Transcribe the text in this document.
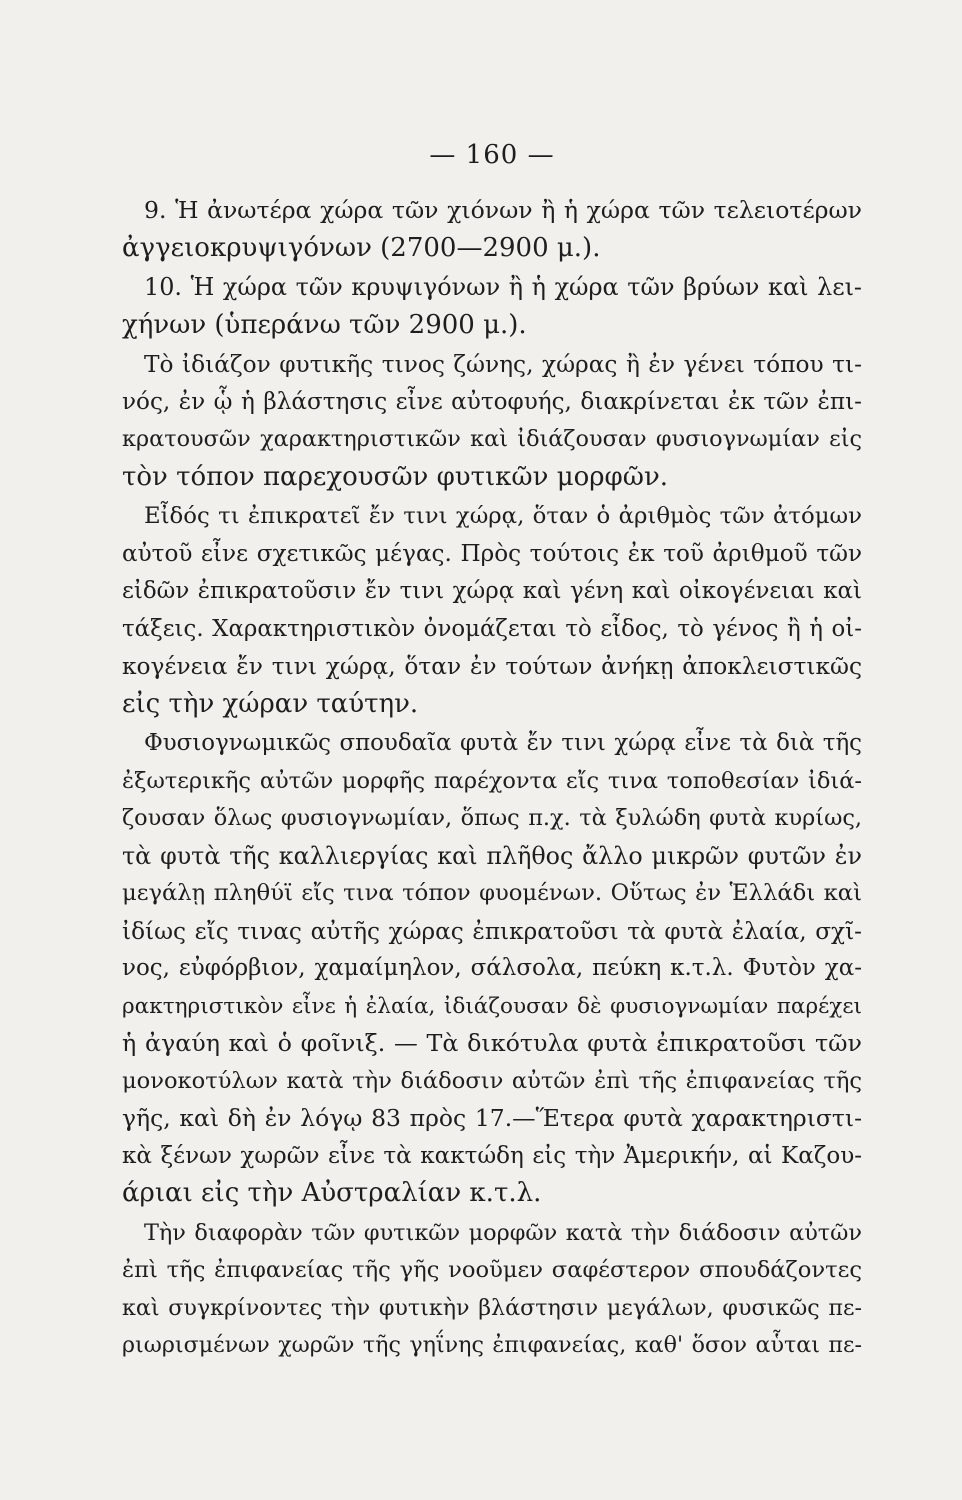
— 160 —
9. Ἡ ἀνωτέρα χώρα τῶν χιόνων ἢ ἡ χώρα τῶν τελειοτέρων
ἀγγειοκρυψιγόνων (2700—2900 μ.).
10. Ἡ χώρα τῶν κρυψιγόνων ἢ ἡ χώρα τῶν βρύων καὶ λει-
χήνων (ὑπεράνω τῶν 2900 μ.).
Τὸ ἰδιάζον φυτικῆς τινος ζώνης, χώρας ἢ ἐν γένει τόπου τι-
νός, ἐν ᾧ ἡ βλάστησις εἶνε αὐτοφυής, διακρίνεται ἐκ τῶν ἐπι-
κρατουσῶν χαρακτηριστικῶν καὶ ἰδιάζουσαν φυσιογνωμίαν εἰς
τὸν τόπον παρεχουσῶν φυτικῶν μορφῶν.
Εἶδός τι ἐπικρατεῖ ἔν τινι χώρᾳ, ὅταν ὁ ἀριθμὸς τῶν ἀτόμων
αὐτοῦ εἶνε σχετικῶς μέγας. Πρὸς τούτοις ἐκ τοῦ ἀριθμοῦ τῶν
εἰδῶν ἐπικρατοῦσιν ἔν τινι χώρᾳ καὶ γένη καὶ οἰκογένειαι καὶ
τάξεις. Χαρακτηριστικὸν ὀνομάζεται τὸ εἶδος, τὸ γένος ἢ ἡ οἰ-
κογένεια ἔν τινι χώρᾳ, ὅταν ἐν τούτων ἀνήκῃ ἀποκλειστικῶς
εἰς τὴν χώραν ταύτην.
Φυσιογνωμικῶς σπουδαῖα φυτὰ ἔν τινι χώρᾳ εἶνε τὰ διὰ τῆς
ἐξωτερικῆς αὐτῶν μορφῆς παρέχοντα εἴς τινα τοποθεσίαν ἰδιά-
ζουσαν ὅλως φυσιογνωμίαν, ὅπως π.χ. τὰ ξυλώδη φυτὰ κυρίως,
τὰ φυτὰ τῆς καλλιεργίας καὶ πλῆθος ἄλλο μικρῶν φυτῶν ἐν
μεγάλῃ πληθύϊ εἴς τινα τόπον φυομένων. Οὕτως ἐν Ἑλλάδι καὶ
ἰδίως εἴς τινας αὐτῆς χώρας ἐπικρατοῦσι τὰ φυτὰ ἐλαία, σχῖ-
νος, εὐφόρβιον, χαμαίμηλον, σάλσολα, πεύκη κ.τ.λ. Φυτὸν χα-
ρακτηριστικὸν εἶνε ἡ ἐλαία, ἰδιάζουσαν δὲ φυσιογνωμίαν παρέχει
ἡ ἀγαύη καὶ ὁ φοῖνιξ. — Τὰ δικότυλα φυτὰ ἐπικρατοῦσι τῶν
μονοκοτύλων κατὰ τὴν διάδοσιν αὐτῶν ἐπὶ τῆς ἐπιφανείας τῆς
γῆς, καὶ δὴ ἐν λόγῳ 83 πρὸς 17.—Ἕτερα φυτὰ χαρακτηριστι-
κὰ ξένων χωρῶν εἶνε τὰ κακτώδη εἰς τὴν Ἀμερικήν, αἱ Καζου-
άριαι εἰς τὴν Αὐστραλίαν κ.τ.λ.
Τὴν διαφορὰν τῶν φυτικῶν μορφῶν κατὰ τὴν διάδοσιν αὐτῶν
ἐπὶ τῆς ἐπιφανείας τῆς γῆς νοοῦμεν σαφέστερον σπουδάζοντες
καὶ συγκρίνοντες τὴν φυτικὴν βλάστησιν μεγάλων, φυσικῶς πε-
ριωρισμένων χωρῶν τῆς γηΐνης ἐπιφανείας, καθ' ὅσον αὗται πε-
